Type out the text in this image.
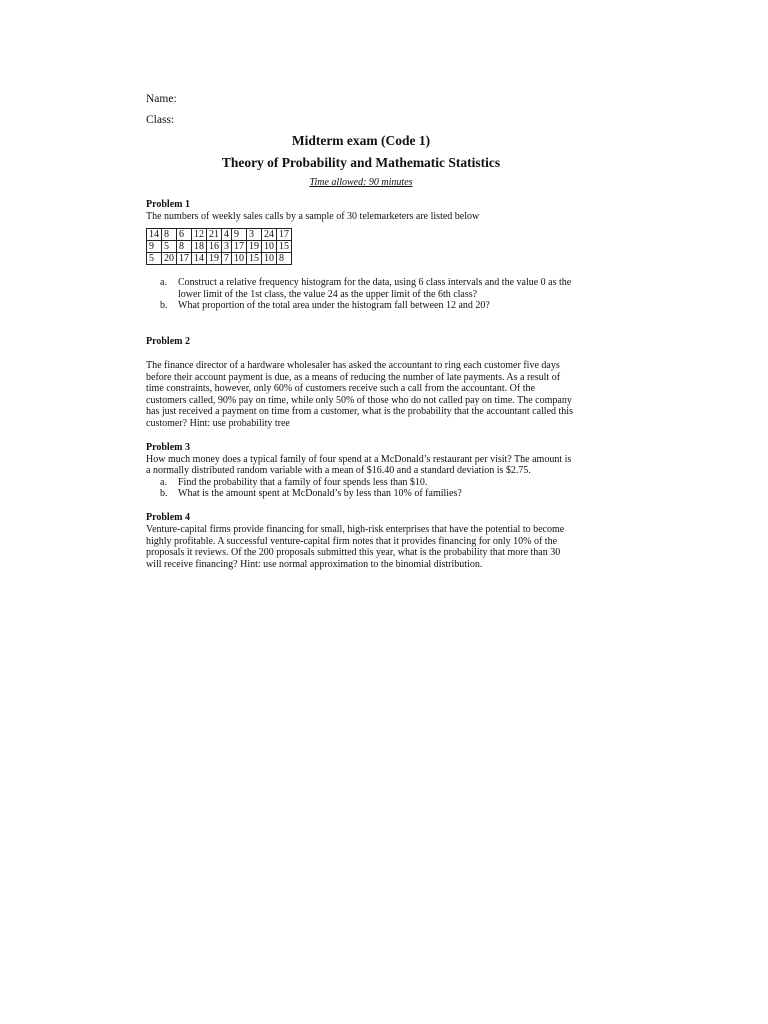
Name:

Class:

Midterm exam (Code 1)

Theory of Probability and Mathematic Statistics

Time allowed: 90 minutes

Problem 1

The numbers of weekly sales calls by a sample of 30 telemarketers are listed below

14	8	6	12	21	4	9	3	24	17
9	5	8	18	16	3	17	19	10	15
5	20	17	14	19	7	10	15	10	8
a. Construct a relative frequency histogram for the data, using 6 class intervals and the value 0 as the lower limit of the 1st class, the value 24 as the upper limit of the 6th class?
b. What proportion of the total area under the histogram fall between 12 and 20?

Problem 2

The finance director of a hardware wholesaler has asked the accountant to ring each customer five days before their account payment is due, as a means of reducing the number of late payments. As a result of time constraints, however, only 60% of customers receive such a call from the accountant. Of the customers called, 90% pay on time, while only 50% of those who do not called pay on time. The company has just received a payment on time from a customer, what is the probability that the accountant called this customer? Hint: use probability tree

Problem 3

How much money does a typical family of four spend at a McDonald’s restaurant per visit? The amount is a normally distributed random variable with a mean of $16.40 and a standard deviation is $2.75.

a. Find the probability that a family of four spends less than $10.
b. What is the amount spent at McDonald’s by less than 10% of families?

Problem 4

Venture-capital firms provide financing for small, high-risk enterprises that have the potential to become highly profitable. A successful venture-capital firm notes that it provides financing for only 10% of the proposals it reviews. Of the 200 proposals submitted this year, what is the probability that more than 30 will receive financing? Hint: use normal approximation to the binomial distribution.
